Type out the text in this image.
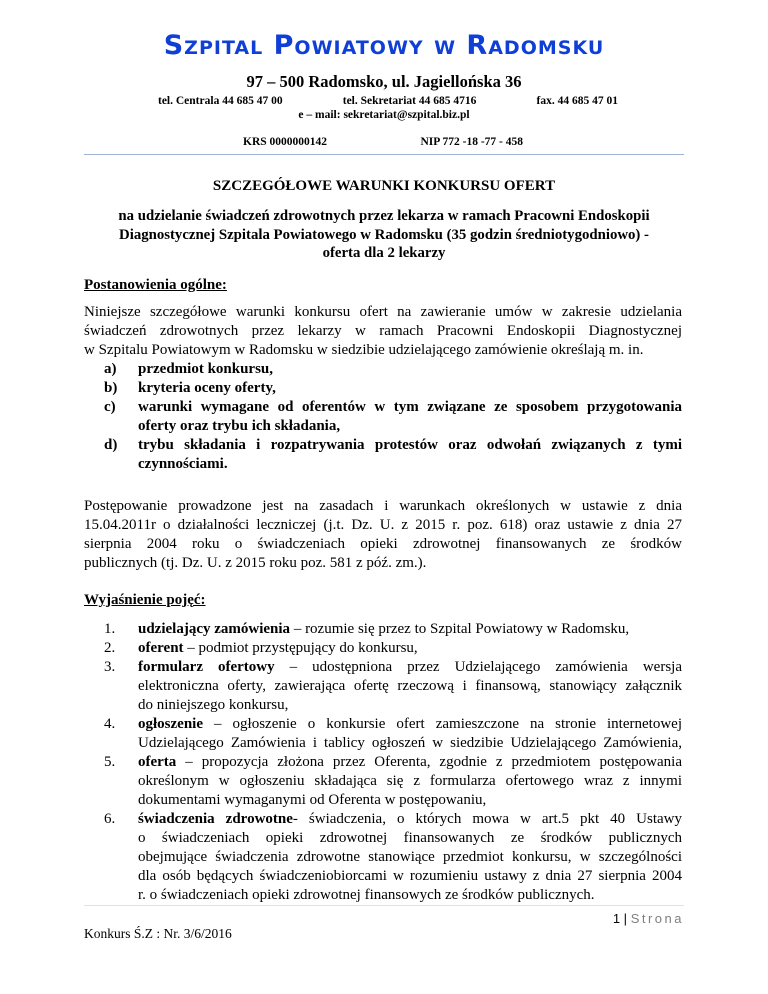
Szpital Powiatowy w Radomsku
97 – 500 Radomsko, ul. Jagiellońska 36
tel. Centrala 44 685 47 00	tel. Sekretariat 44 685 4716	fax. 44 685 47 01
e – mail: sekretariat@szpital.biz.pl
KRS 0000000142	NIP 772 -18 -77 - 458
SZCZEGÓŁOWE WARUNKI KONKURSU OFERT
na udzielanie świadczeń zdrowotnych przez lekarza w ramach Pracowni Endoskopii
Diagnostycznej Szpitala Powiatowego w Radomsku (35 godzin średniotygodniowo) -
oferta dla 2 lekarzy
Postanowienia ogólne:
Niniejsze szczegółowe warunki konkursu ofert na zawieranie umów w zakresie udzielania
świadczeń zdrowotnych przez lekarzy w ramach Pracowni Endoskopii Diagnostycznej
w Szpitalu Powiatowym w Radomsku w siedzibie udzielającego zamówienie określają m. in.
a) przedmiot konkursu,
b) kryteria oceny oferty,
c) warunki wymagane od oferentów w tym związane ze sposobem przygotowania
oferty oraz trybu ich składania,
d) trybu składania i rozpatrywania protestów oraz odwołań związanych z tymi
czynnościami.
Postępowanie prowadzone jest na zasadach i warunkach określonych w ustawie z dnia
15.04.2011r o działalności leczniczej (j.t. Dz. U. z 2015 r. poz. 618) oraz ustawie z dnia 27
sierpnia 2004 roku o świadczeniach opieki zdrowotnej finansowanych ze środków
publicznych (tj. Dz. U. z 2015 roku poz. 581 z póź. zm.).
Wyjaśnienie pojęć:
1. udzielający zamówienia – rozumie się przez to Szpital Powiatowy w Radomsku,
2. oferent – podmiot przystępujący do konkursu,
3. formularz ofertowy – udostępniona przez Udzielającego zamówienia wersja
elektroniczna oferty, zawierająca ofertę rzeczową i finansową, stanowiący załącznik
do niniejszego konkursu,
4. ogłoszenie – ogłoszenie o konkursie ofert zamieszczone na stronie internetowej
Udzielającego Zamówienia i tablicy ogłoszeń w siedzibie Udzielającego Zamówienia,
5. oferta – propozycja złożona przez Oferenta, zgodnie z przedmiotem postępowania
określonym w ogłoszeniu składająca się z formularza ofertowego wraz z innymi
dokumentami wymaganymi od Oferenta w postępowaniu,
6. świadczenia zdrowotne- świadczenia, o których mowa w art.5 pkt 40 Ustawy
o świadczeniach opieki zdrowotnej finansowanych ze środków publicznych
obejmujące świadczenia zdrowotne stanowiące przedmiot konkursu, w szczególności
dla osób będących świadczeniobiorcami w rozumieniu ustawy z dnia 27 sierpnia 2004
r. o świadczeniach opieki zdrowotnej finansowych ze środków publicznych.
1 | Strona
Konkurs Ś.Z : Nr. 3/6/2016
